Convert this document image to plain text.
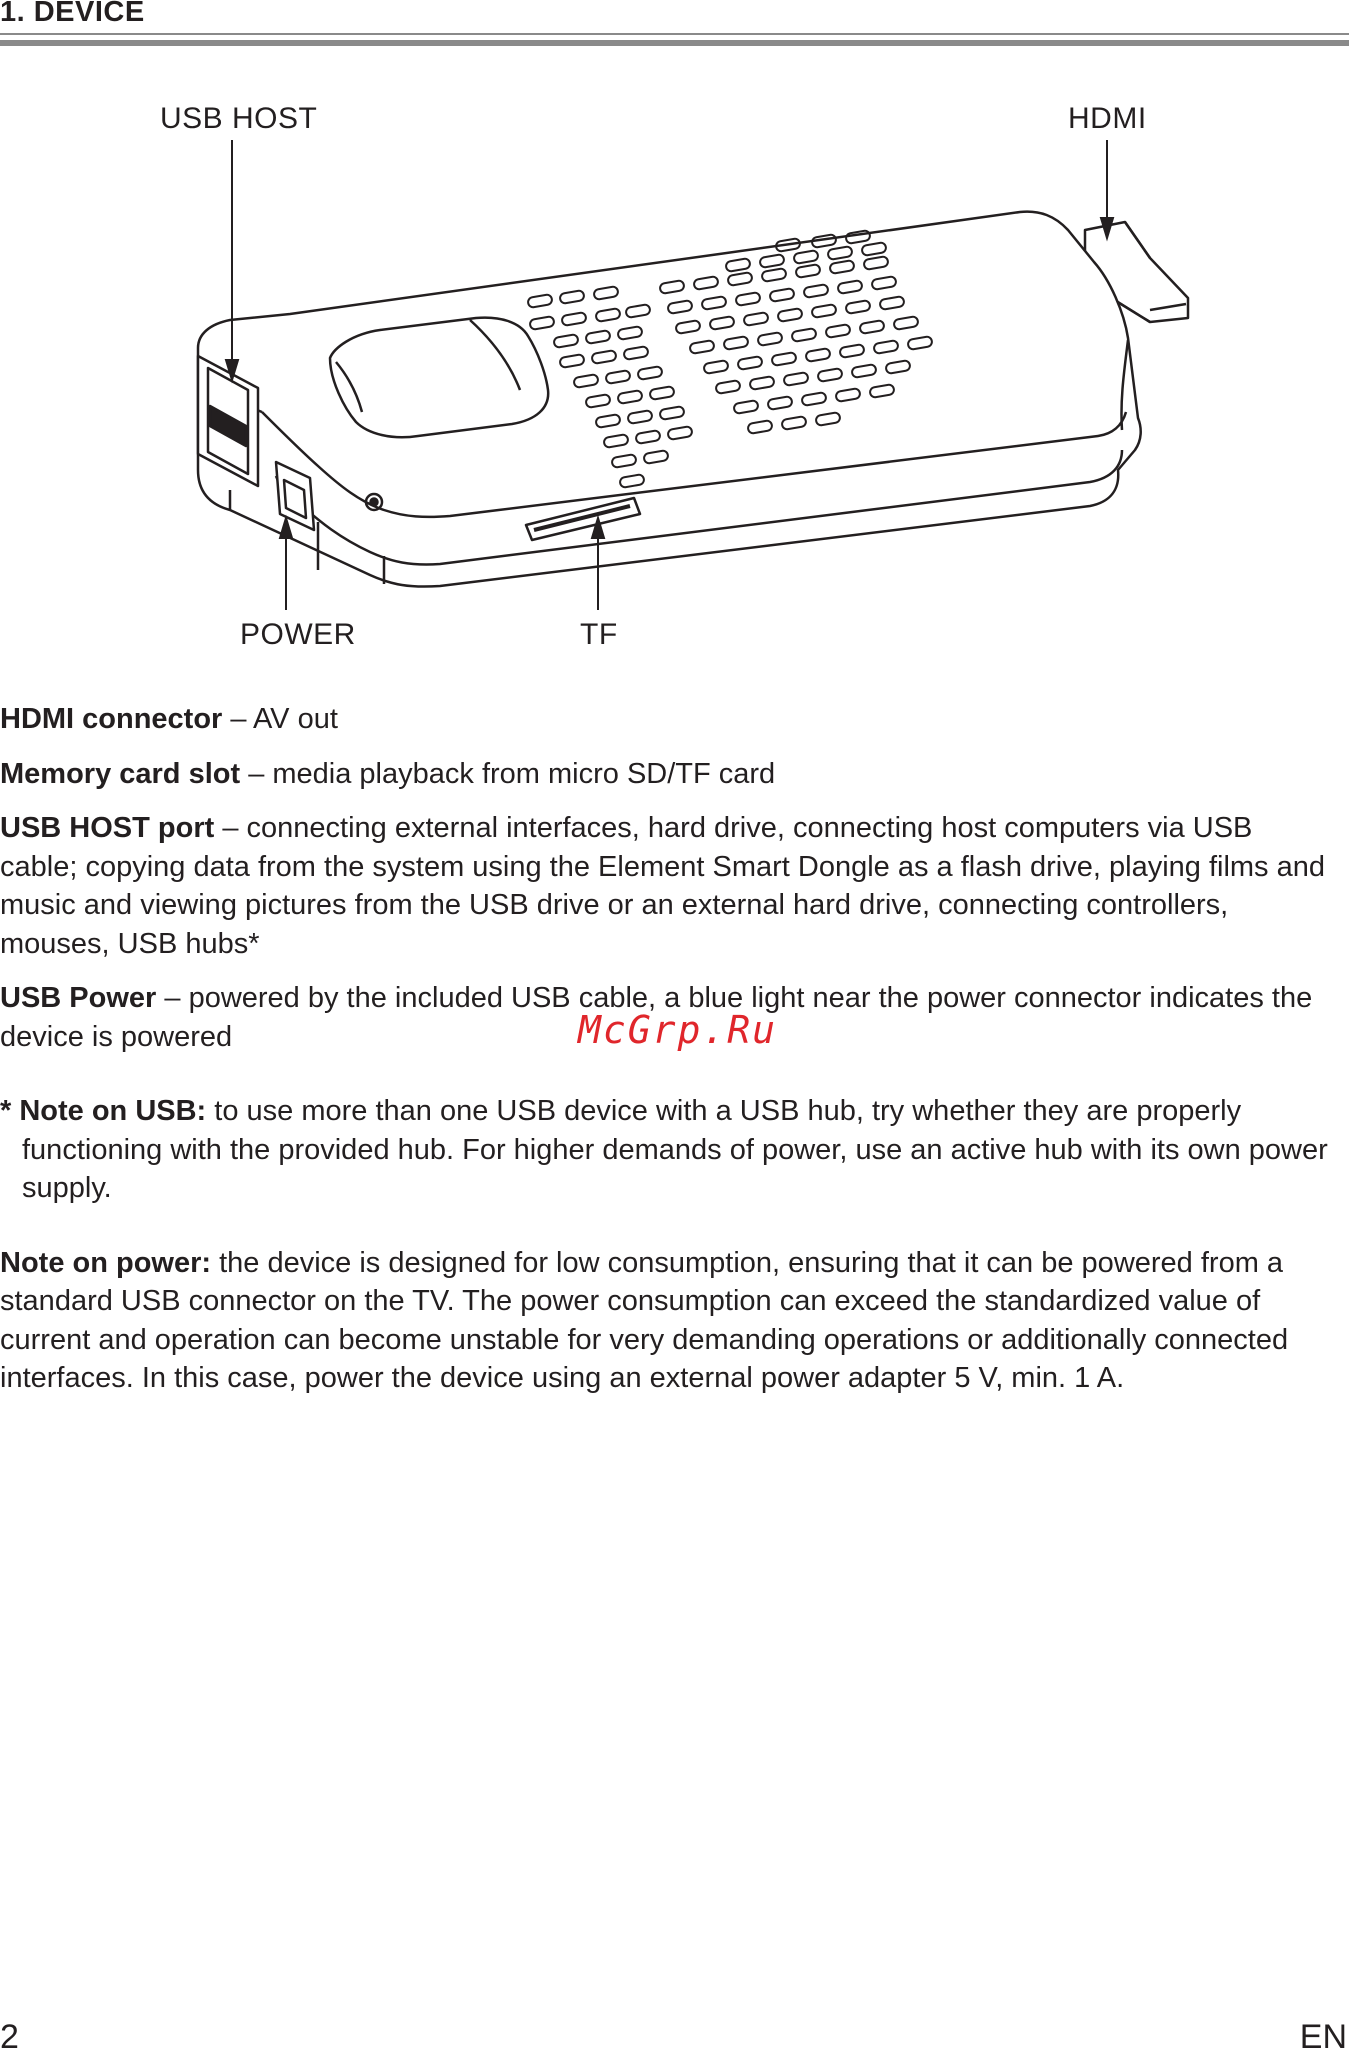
1. DEVICE
USB HOST	HDMI
POWER	TF

HDMI connector – AV out

Memory card slot – media playback from micro SD/TF card

USB HOST port – connecting external interfaces, hard drive, connecting host computers via USB cable; copying data from the system using the Element Smart Dongle as a flash drive, playing films and music and viewing pictures from the USB drive or an external hard drive, connecting controllers, mouses, USB hubs*

USB Power – powered by the included USB cable, a blue light near the power connector indicates the device is powered

* Note on USB: to use more than one USB device with a USB hub, try whether they are properly functioning with the provided hub. For higher demands of power, use an active hub with its own power supply.

Note on power: the device is designed for low consumption, ensuring that it can be powered from a standard USB connector on the TV. The power consumption can exceed the standardized value of current and operation can become unstable for very demanding operations or additionally connected interfaces. In this case, power the device using an external power adapter 5 V, min. 1 A.

McGrp.Ru
2	EN
